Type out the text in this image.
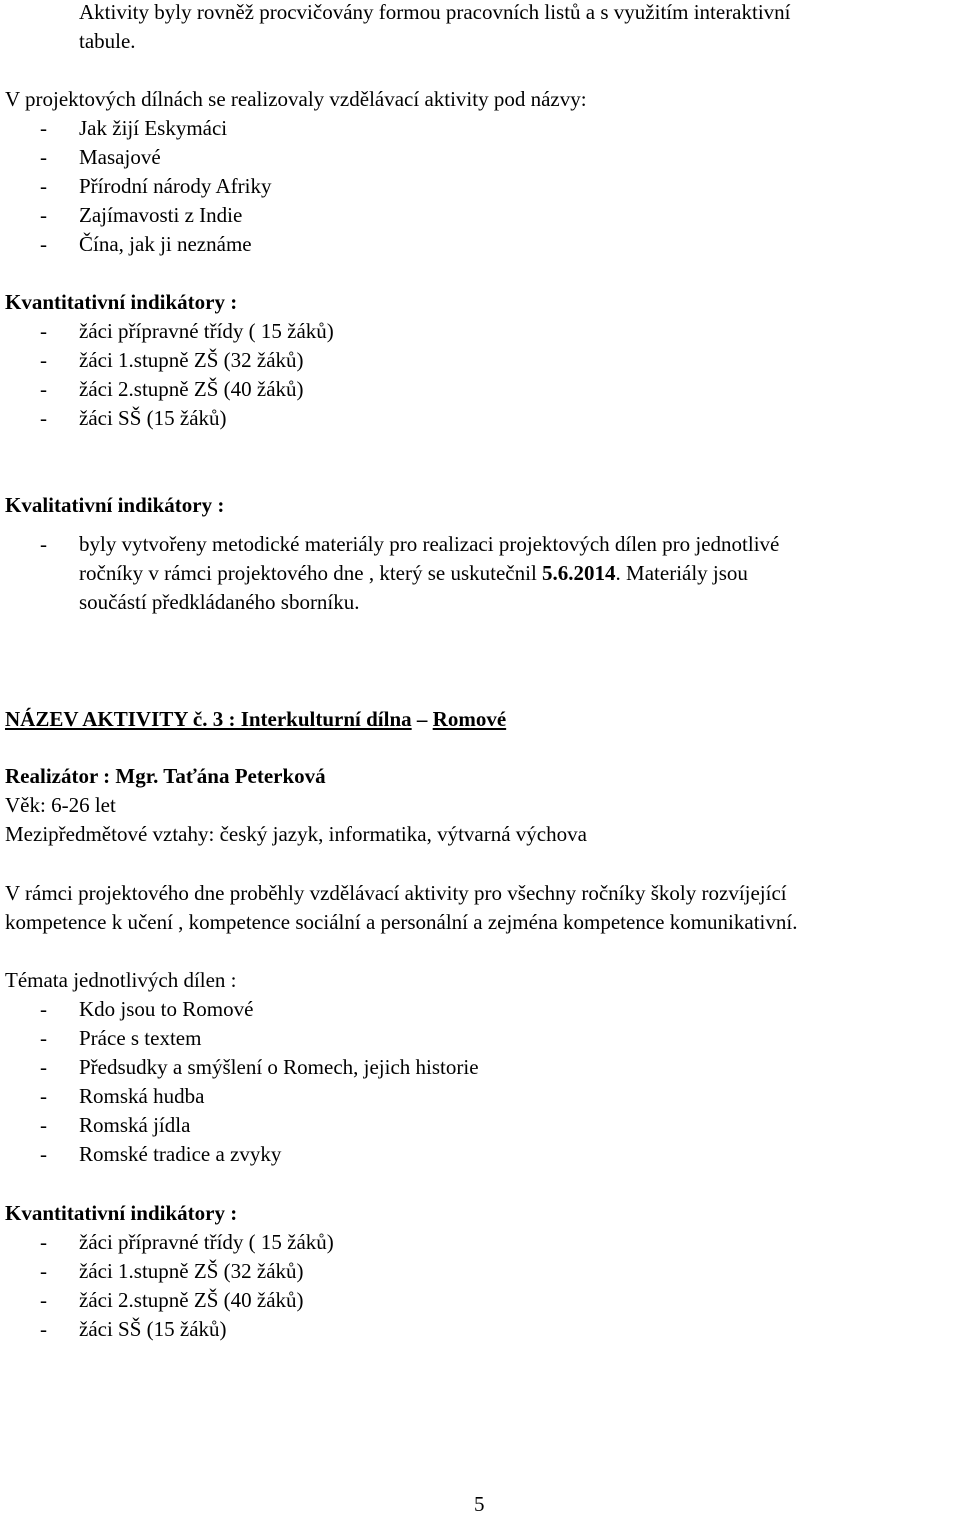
Aktivity byly rovněž procvičovány formou pracovních listů a s využitím interaktivní
tabule.
V projektových dílnách se realizovaly vzdělávací aktivity pod názvy:
- Jak žijí Eskymáci
- Masajové
- Přírodní národy Afriky
- Zajímavosti z Indie
- Čína, jak ji neznáme
Kvantitativní indikátory :
- žáci přípravné třídy ( 15 žáků)
- žáci 1.stupně ZŠ (32 žáků)
- žáci 2.stupně ZŠ (40 žáků)
- žáci SŠ (15 žáků)
Kvalitativní indikátory :
- byly vytvořeny metodické materiály pro realizaci projektových dílen pro jednotlivé
ročníky v rámci projektového dne , který se uskutečnil 5.6.2014. Materiály jsou
součástí předkládaného sborníku.
NÁZEV AKTIVITY č. 3 : Interkulturní dílna – Romové
Realizátor : Mgr. Taťána Peterková
Věk: 6-26 let
Mezipředmětové vztahy: český jazyk, informatika, výtvarná výchova
V rámci projektového dne proběhly vzdělávací aktivity pro všechny ročníky školy rozvíjející
kompetence k učení , kompetence sociální a personální a zejména kompetence komunikativní.
Témata jednotlivých dílen :
- Kdo jsou to Romové
- Práce s textem
- Předsudky a smýšlení o Romech, jejich historie
- Romská hudba
- Romská jídla
- Romské tradice a zvyky
Kvantitativní indikátory :
- žáci přípravné třídy ( 15 žáků)
- žáci 1.stupně ZŠ (32 žáků)
- žáci 2.stupně ZŠ (40 žáků)
- žáci SŠ (15 žáků)
5
